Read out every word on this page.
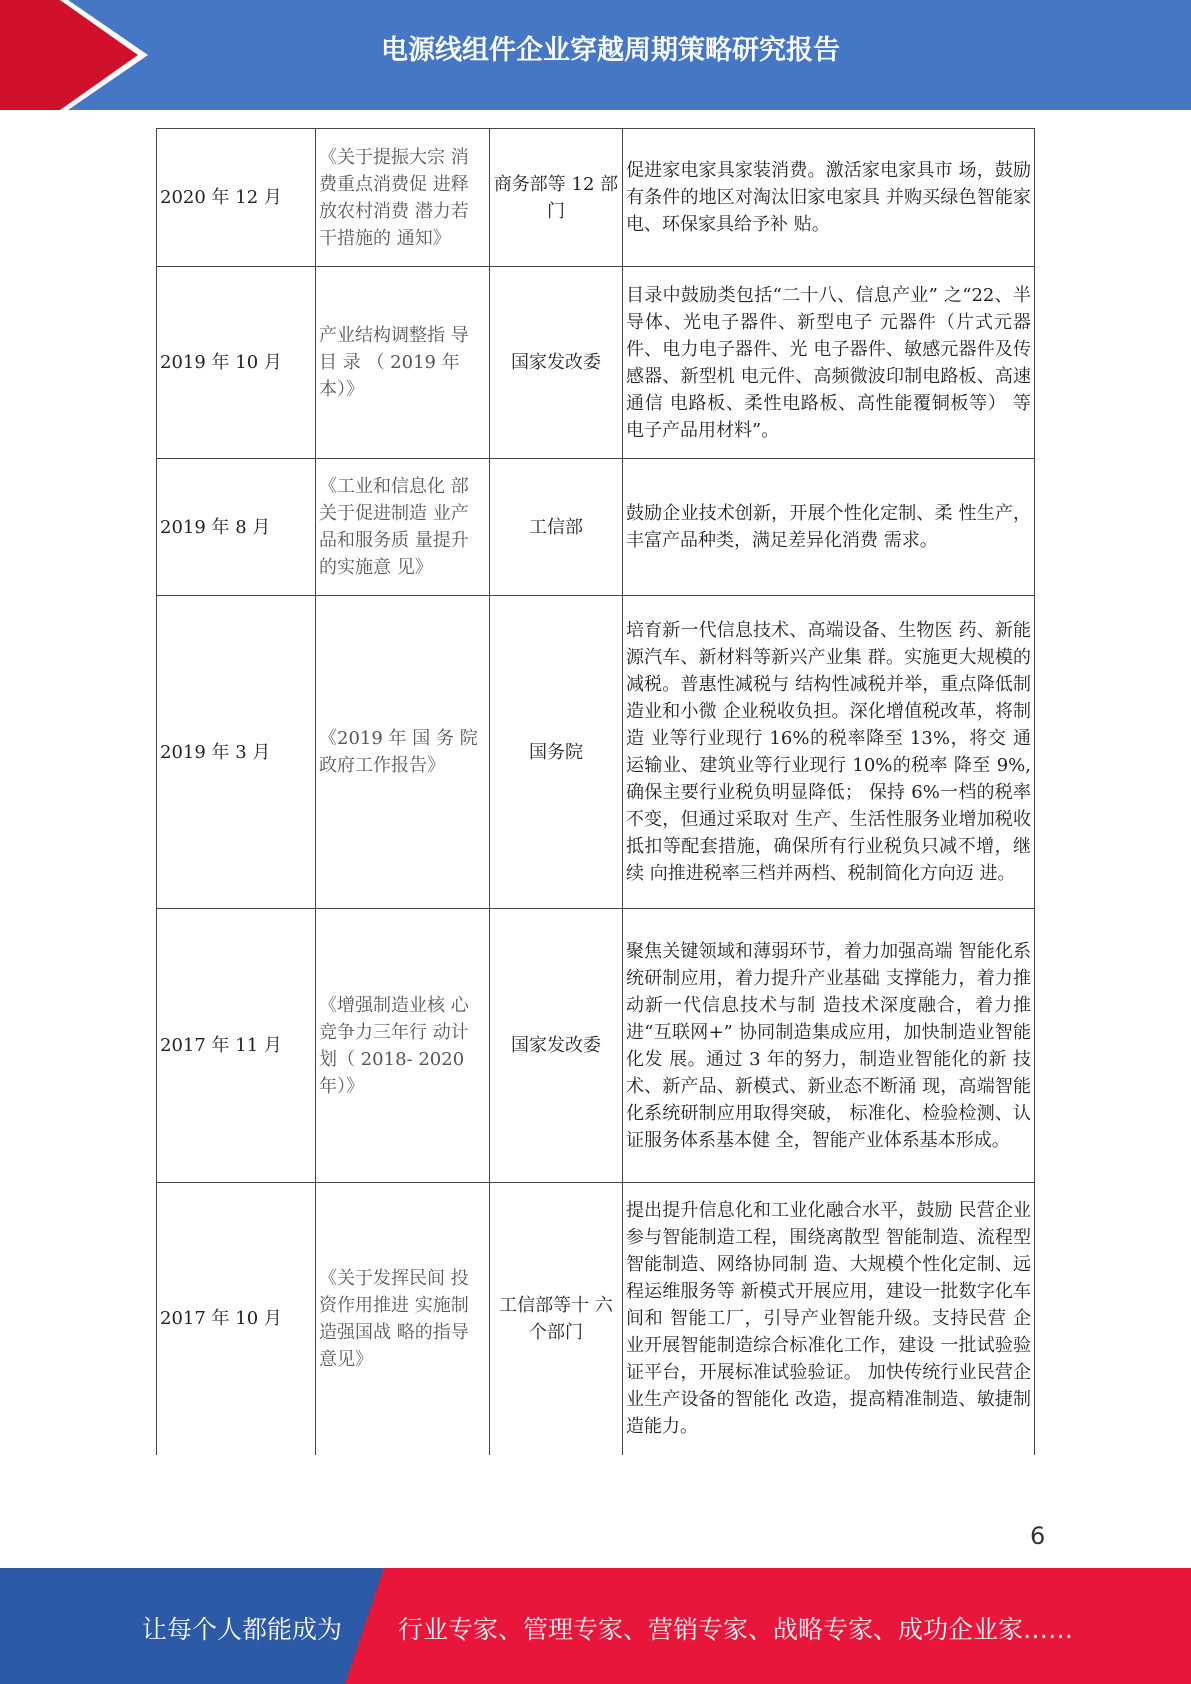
电源线组件企业穿越周期策略研究报告
2020 年 12 月	《关于提振大宗 消费重点消费促 进释放农村消费 潜力若干措施的 通知》	商务部等 12 部门	促进家电家具家装消费。激活家电家具市 场，鼓励有条件的地区对淘汰旧家电家具 并购买绿色智能家电、环保家具给予补 贴。
2019 年 10 月	产业结构调整指 导 目 录 （ 2019 年 本）》	国家发改委	目录中鼓励类包括“二十八、信息产业” 之“22、半导体、光电子器件、新型电子 元器件（片式元器件、电力电子器件、光 电子器件、敏感元器件及传感器、新型机 电元件、高频微波印制电路板、高速通信 电路板、柔性电路板、高性能覆铜板等） 等电子产品用材料”。
2019 年 8 月	《工业和信息化 部关于促进制造 业产品和服务质 量提升的实施意 见》	工信部	鼓励企业技术创新，开展个性化定制、柔 性生产，丰富产品种类，满足差异化消费 需求。
2019 年 3 月	《2019 年 国 务 院 政府工作报告》	国务院	培育新一代信息技术、高端设备、生物医 药、新能源汽车、新材料等新兴产业集 群。实施更大规模的减税。普惠性减税与 结构性减税并举，重点降低制造业和小微 企业税收负担。深化增值税改革，将制造 业等行业现行 16%的税率降至 13%，将交 通运输业、建筑业等行业现行 10%的税率 降至 9%, 确保主要行业税负明显降低； 保持 6%一档的税率不变，但通过采取对 生产、生活性服务业增加税收抵扣等配套措施，确保所有行业税负只减不增，继续 向推进税率三档并两档、税制简化方向迈 进。
2017 年 11 月	《增强制造业核 心竞争力三年行 动计划（ 2018- 2020 年）》	国家发改委	聚焦关键领域和薄弱环节，着力加强高端 智能化系统研制应用，着力提升产业基础 支撑能力，着力推动新一代信息技术与制 造技术深度融合，着力推进“互联网+” 协同制造集成应用，加快制造业智能化发 展。通过 3 年的努力，制造业智能化的新 技术、新产品、新模式、新业态不断涌 现，高端智能化系统研制应用取得突破， 标准化、检验检测、认证服务体系基本健 全，智能产业体系基本形成。
2017 年 10 月	《关于发挥民间 投资作用推进 实施制造强国战 略的指导意见》	工信部等十 六个部门	提出提升信息化和工业化融合水平，鼓励 民营企业参与智能制造工程，围绕离散型 智能制造、流程型智能制造、网络协同制 造、大规模个性化定制、远程运维服务等 新模式开展应用，建设一批数字化车间和 智能工厂，引导产业智能升级。支持民营 企业开展智能制造综合标准化工作，建设 一批试验验证平台，开展标准试验验证。 加快传统行业民营企业生产设备的智能化 改造，提高精准制造、敏捷制造能力。
6
让每个人都能成为 行业专家、管理专家、营销专家、战略专家、成功企业家……
